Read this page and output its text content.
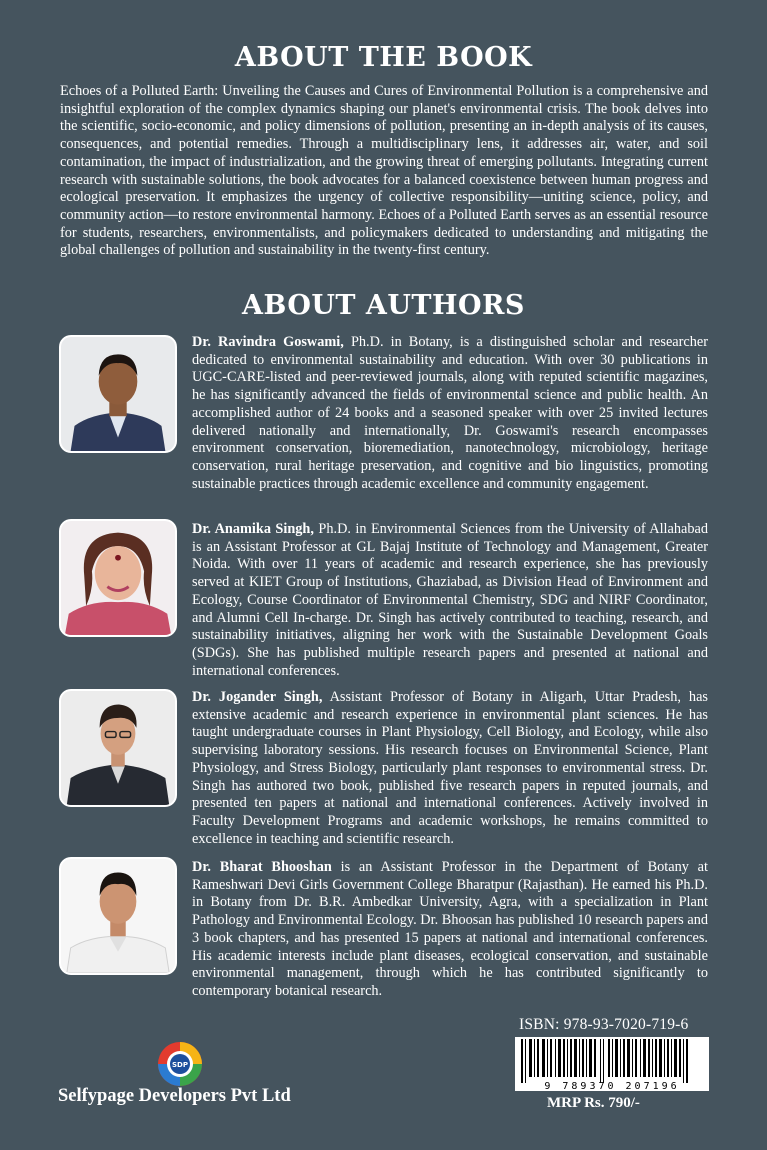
ABOUT THE BOOK

Echoes of a Polluted Earth: Unveiling the Causes and Cures of Environmental Pollution is a comprehensive and insightful exploration of the complex dynamics shaping our planet's environmental crisis. The book delves into the scientific, socio-economic, and policy dimensions of pollution, presenting an in-depth analysis of its causes, consequences, and potential remedies. Through a multidisciplinary lens, it addresses air, water, and soil contamination, the impact of industrialization, and the growing threat of emerging pollutants. Integrating current research with sustainable solutions, the book advocates for a balanced coexistence between human progress and ecological preservation. It emphasizes the urgency of collective responsibility—uniting science, policy, and community action—to restore environmental harmony. Echoes of a Polluted Earth serves as an essential resource for students, researchers, environmentalists, and policymakers dedicated to understanding and mitigating the global challenges of pollution and sustainability in the twenty-first century.

ABOUT AUTHORS

Dr. Ravindra Goswami, Ph.D. in Botany, is a distinguished scholar and researcher dedicated to environmental sustainability and education. With over 30 publications in UGC-CARE-listed and peer-reviewed journals, along with reputed scientific magazines, he has significantly advanced the fields of environmental science and public health. An accomplished author of 24 books and a seasoned speaker with over 25 invited lectures delivered nationally and internationally, Dr. Goswami's research encompasses environment conservation, bioremediation, nanotechnology, microbiology, heritage conservation, rural heritage preservation, and cognitive and bio linguistics, promoting sustainable practices through academic excellence and community engagement.

Dr. Anamika Singh, Ph.D. in Environmental Sciences from the University of Allahabad is an Assistant Professor at GL Bajaj Institute of Technology and Management, Greater Noida. With over 11 years of academic and research experience, she has previously served at KIET Group of Institutions, Ghaziabad, as Division Head of Environment and Ecology, Course Coordinator of Environmental Chemistry, SDG and NIRF Coordinator, and Alumni Cell In-charge. Dr. Singh has actively contributed to teaching, research, and sustainability initiatives, aligning her work with the Sustainable Development Goals (SDGs). She has published multiple research papers and presented at national and international conferences.

Dr. Jogander Singh, Assistant Professor of Botany in Aligarh, Uttar Pradesh, has extensive academic and research experience in environmental plant sciences. He has taught undergraduate courses in Plant Physiology, Cell Biology, and Ecology, while also supervising laboratory sessions. His research focuses on Environmental Science, Plant Physiology, and Stress Biology, particularly plant responses to environmental stress. Dr. Singh has authored two book, published five research papers in reputed journals, and presented ten papers at national and international conferences. Actively involved in Faculty Development Programs and academic workshops, he remains committed to excellence in teaching and scientific research.

Dr. Bharat Bhooshan is an Assistant Professor in the Department of Botany at Rameshwari Devi Girls Government College Bharatpur (Rajasthan). He earned his Ph.D. in Botany from Dr. B.R. Ambedkar University, Agra, with a specialization in Plant Pathology and Environmental Ecology. Dr. Bhoosan has published 10 research papers and 3 book chapters, and has presented 15 papers at national and international conferences. His academic interests include plant diseases, ecological conservation, and sustainable environmental management, through which he has contributed significantly to contemporary botanical research.

ISBN: 978-93-7020-719-6
9 789370 207196
MRP Rs. 790/-
SDP
Selfypage Developers Pvt Ltd
